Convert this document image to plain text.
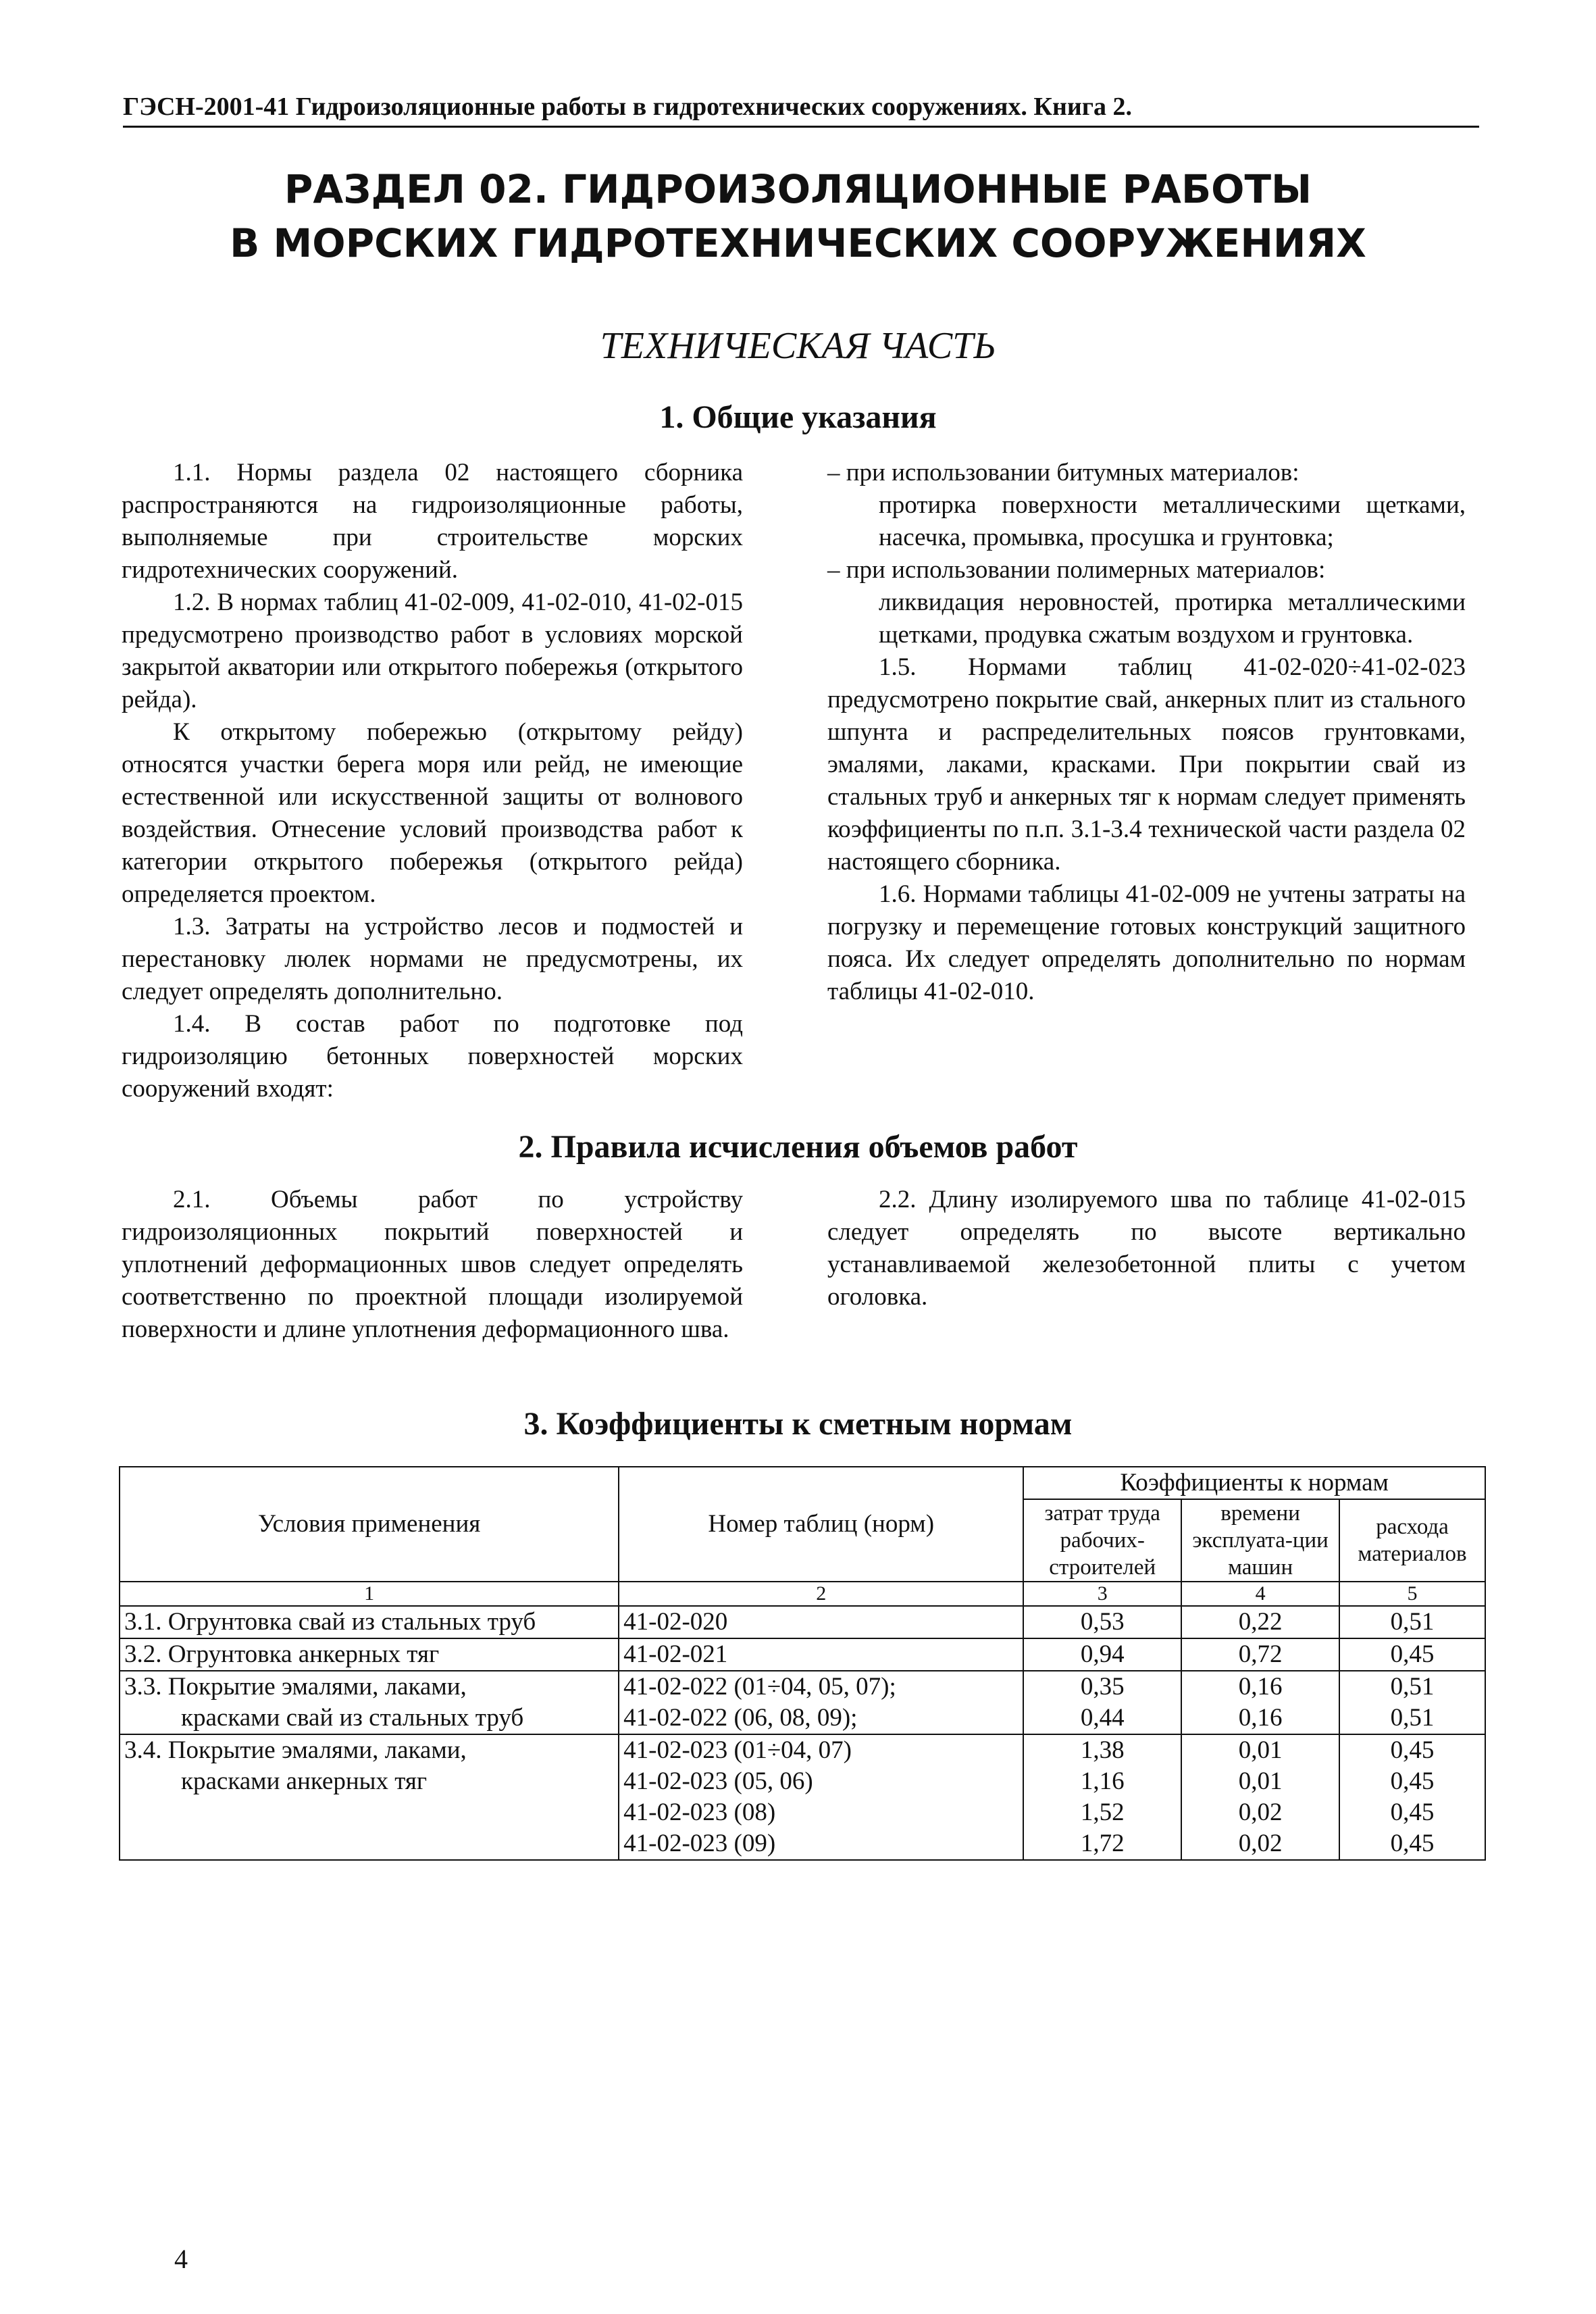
ГЭСН-2001-41 Гидроизоляционные работы в гидротехнических сооружениях. Книга 2.
РАЗДЕЛ 02. ГИДРОИЗОЛЯЦИОННЫЕ РАБОТЫ
В МОРСКИХ ГИДРОТЕХНИЧЕСКИХ СООРУЖЕНИЯХ
ТЕХНИЧЕСКАЯ ЧАСТЬ
1. Общие указания

1.1. Нормы раздела 02 настоящего сборника распространяются на гидроизоляционные работы, выполняемые при строительстве морских гидротехнических сооружений.

1.2. В нормах таблиц 41-02-009, 41-02-010, 41-02-015 предусмотрено производство работ в условиях морской закрытой акватории или открытого побережья (открытого рейда).

К открытому побережью (открытому рейду) относятся участки берега моря или рейд, не имеющие естественной или искусственной защиты от волнового воздействия. Отнесение условий производства работ к категории открытого побережья (открытого рейда) определяется проектом.

1.3. Затраты на устройство лесов и подмостей и перестановку люлек нормами не предусмотрены, их следует определять дополнительно.

1.4. В состав работ по подготовке под гидроизоляцию бетонных поверхностей морских сооружений входят:

– при использовании битумных материалов:

протирка поверхности металлическими щетками, насечка, промывка, просушка и грунтовка;

– при использовании полимерных материалов:

ликвидация неровностей, протирка металлическими щетками, продувка сжатым воздухом и грунтовка.

1.5. Нормами таблиц 41-02-020÷41-02-023 предусмотрено покрытие свай, анкерных плит из стального шпунта и распределительных поясов грунтовками, эмалями, лаками, красками. При покрытии свай из стальных труб и анкерных тяг к нормам следует применять коэффициенты по п.п. 3.1-3.4 технической части раздела 02 настоящего сборника.

1.6. Нормами таблицы 41-02-009 не учтены затраты на погрузку и перемещение готовых конструкций защитного пояса. Их следует определять дополнительно по нормам таблицы 41-02-010.

2. Правила исчисления объемов работ

2.1. Объемы работ по устройству гидроизоляционных покрытий поверхностей и уплотнений деформационных швов следует определять соответственно по проектной площади изолируемой поверхности и длине уплотнения деформационного шва.

2.2. Длину изолируемого шва по таблице 41-02-015 следует определять по высоте вертикально устанавливаемой железобетонной плиты с учетом оголовка.

3. Коэффициенты к сметным нормам
Условия применения	Номер таблиц (норм)	Коэффициенты к нормам		
		затрат труда рабочих-строителей	времени эксплуата-ции машин	расхода материалов
1	2	3	4	5
3.1. Огрунтовка свай из стальных труб	41-02-020	0,53	0,22	0,51
3.2. Огрунтовка анкерных тяг	41-02-021	0,94	0,72	0,45
3.3. Покрытие эмалями, лаками,	41-02-022 (01÷04, 05, 07);	0,35	0,16	0,51
красками свай из стальных труб	41-02-022 (06, 08, 09);	0,44	0,16	0,51
3.4. Покрытие эмалями, лаками,	41-02-023 (01÷04, 07)	1,38	0,01	0,45
красками анкерных тяг	41-02-023 (05, 06)	1,16	0,01	0,45
	41-02-023 (08)	1,52	0,02	0,45
	41-02-023 (09)	1,72	0,02	0,45
4
